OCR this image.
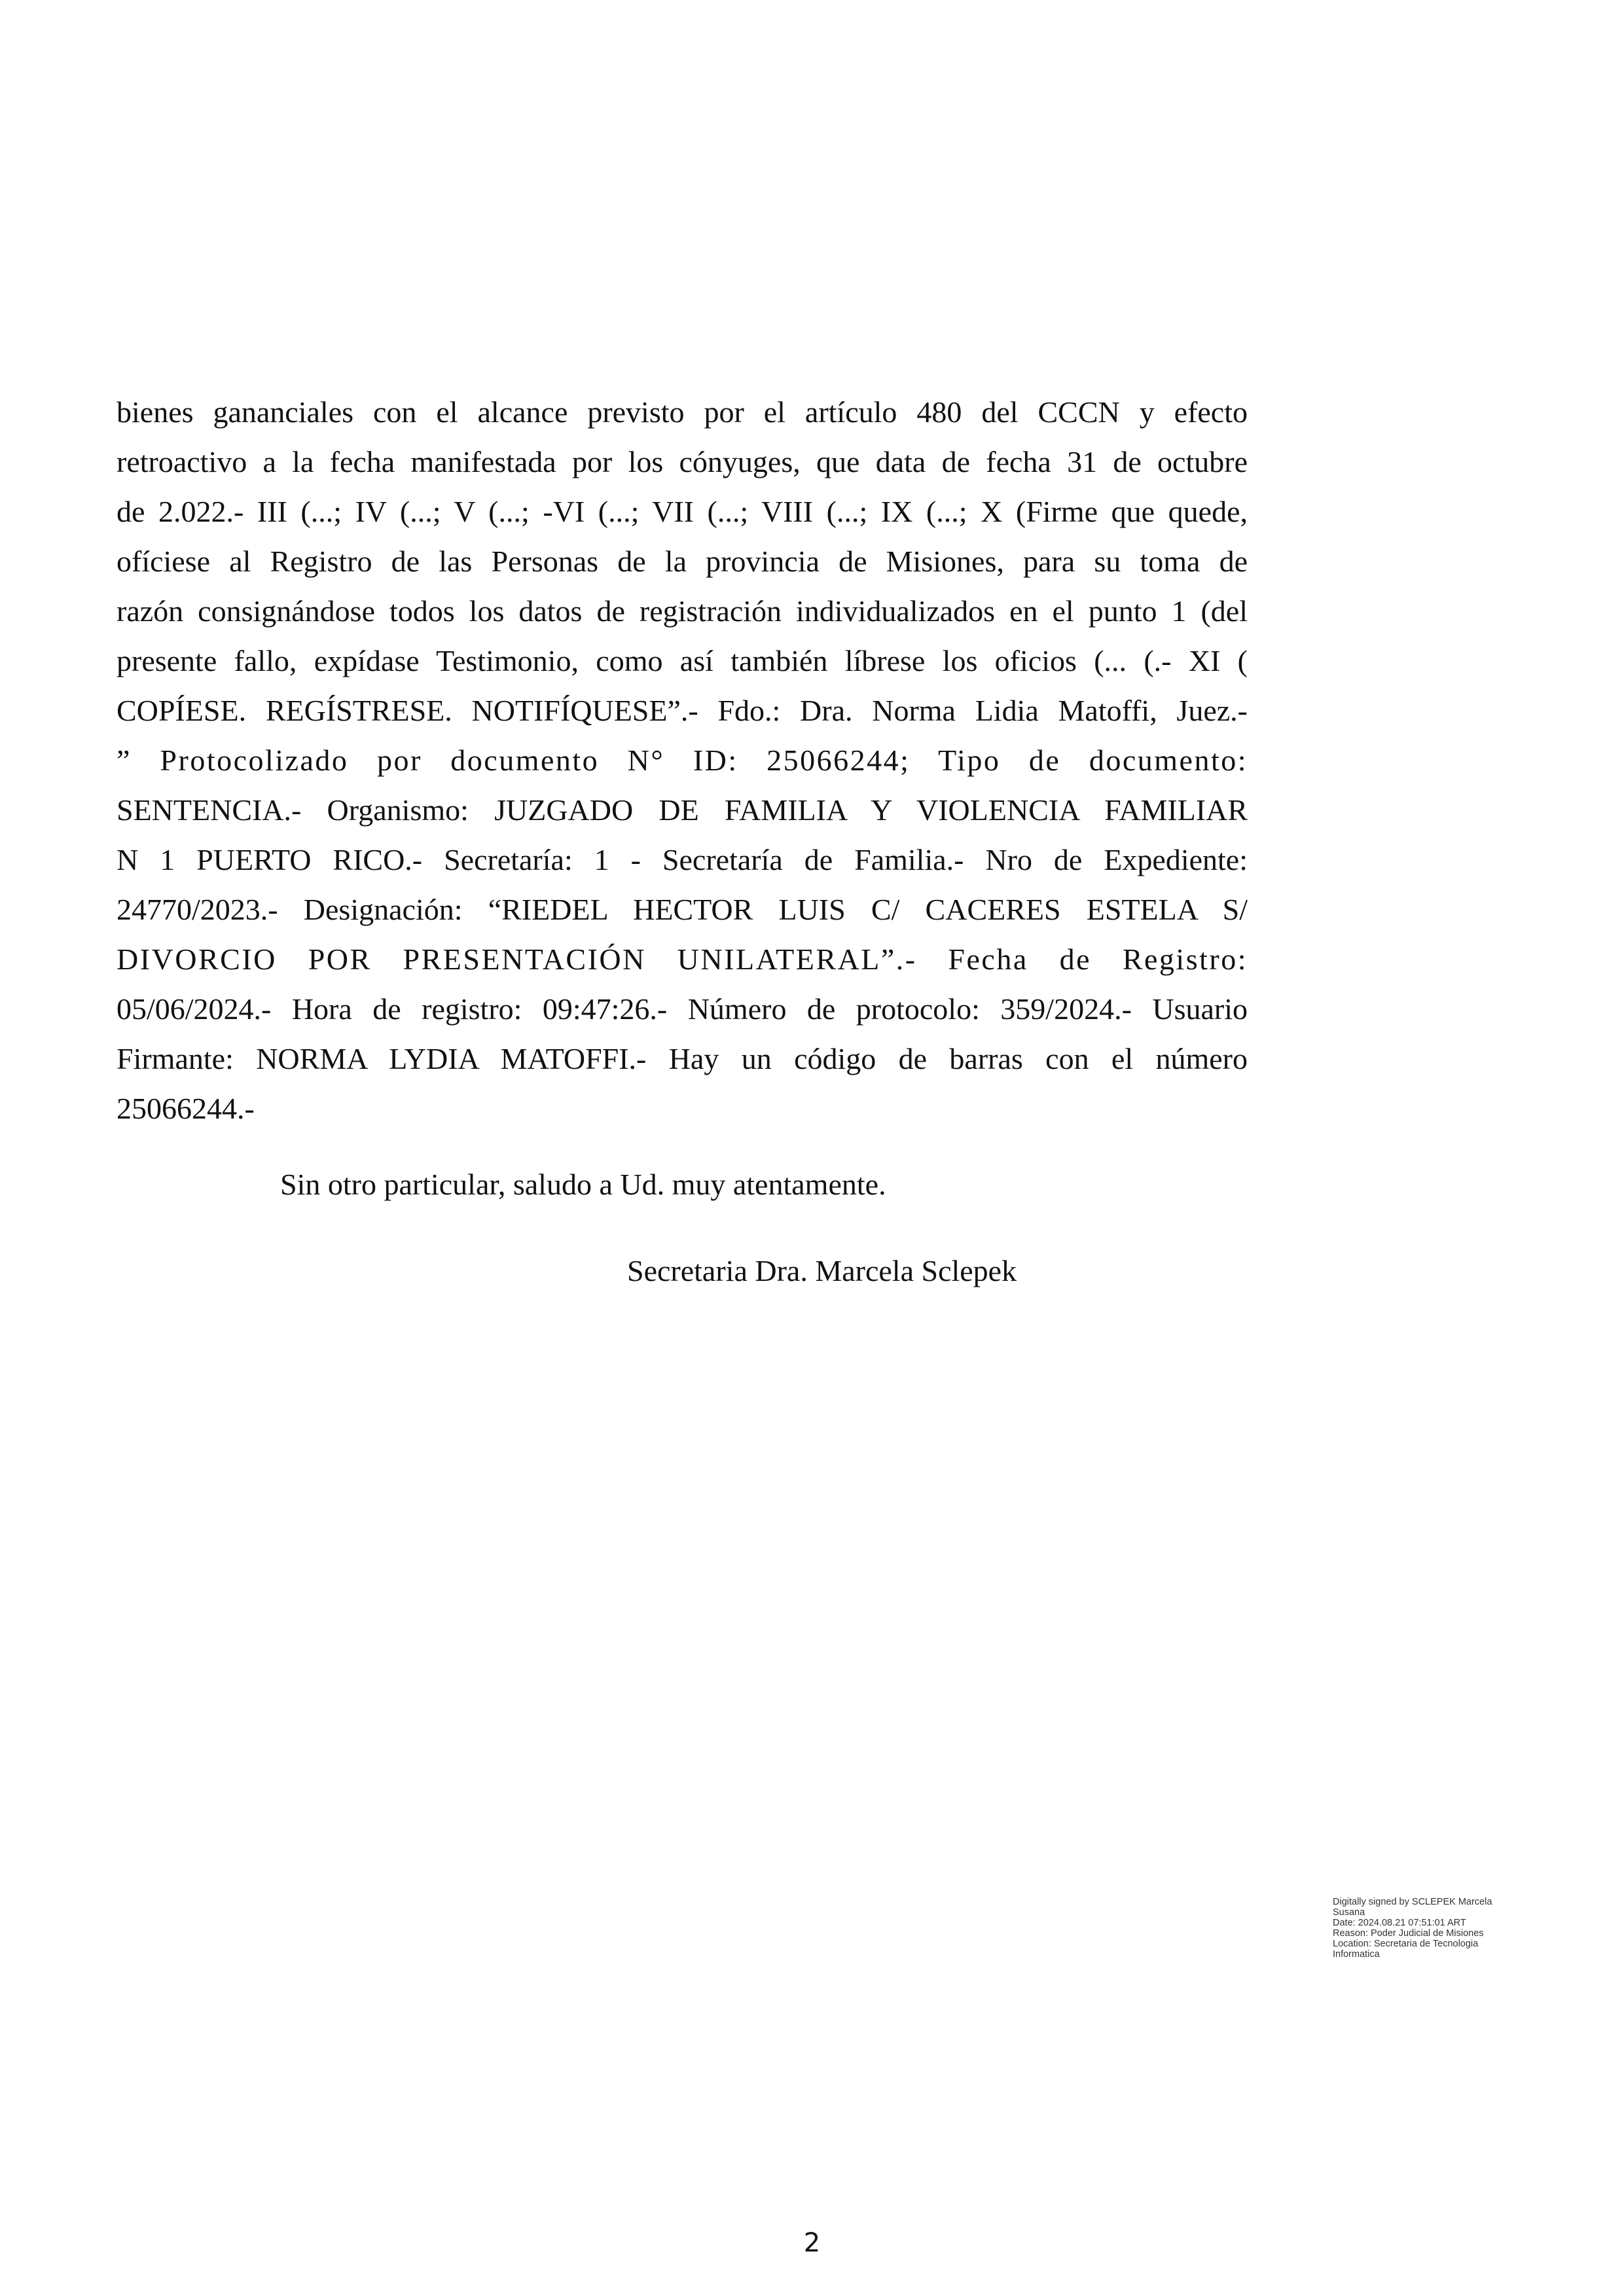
bienes gananciales con el alcance previsto por el artículo 480 del CCCN y efecto
retroactivo a la fecha manifestada por los cónyuges, que data de fecha 31 de octubre
de 2.022.- III (...; IV (...; V (...; -VI (...; VII (...; VIII (...; IX (...; X (Firme que quede,
ofíciese al Registro de las Personas de la provincia de Misiones, para su toma de
razón consignándose todos los datos de registración individualizados en el punto 1 (del
presente fallo, expídase Testimonio, como así también líbrese los oficios (... (.- XI (
COPÍESE. REGÍSTRESE. NOTIFÍQUESE”.- Fdo.: Dra. Norma Lidia Matoffi, Juez.-
” Protocolizado por documento N° ID: 25066244; Tipo de documento:
SENTENCIA.- Organismo: JUZGADO DE FAMILIA Y VIOLENCIA FAMILIAR
N 1 PUERTO RICO.- Secretaría: 1 - Secretaría de Familia.- Nro de Expediente:
24770/2023.- Designación: “RIEDEL HECTOR LUIS C/ CACERES ESTELA S/
DIVORCIO POR PRESENTACIÓN UNILATERAL”.- Fecha de Registro:
05/06/2024.- Hora de registro: 09:47:26.- Número de protocolo: 359/2024.- Usuario
Firmante: NORMA LYDIA MATOFFI.- Hay un código de barras con el número
25066244.-
Sin otro particular, saludo a Ud. muy atentamente.
Secretaria Dra. Marcela Sclepek
Digitally signed by SCLEPEK Marcela
Susana
Date: 2024.08.21 07:51:01 ART
Reason: Poder Judicial de Misiones
Location: Secretaria de Tecnologia
Informatica
2
